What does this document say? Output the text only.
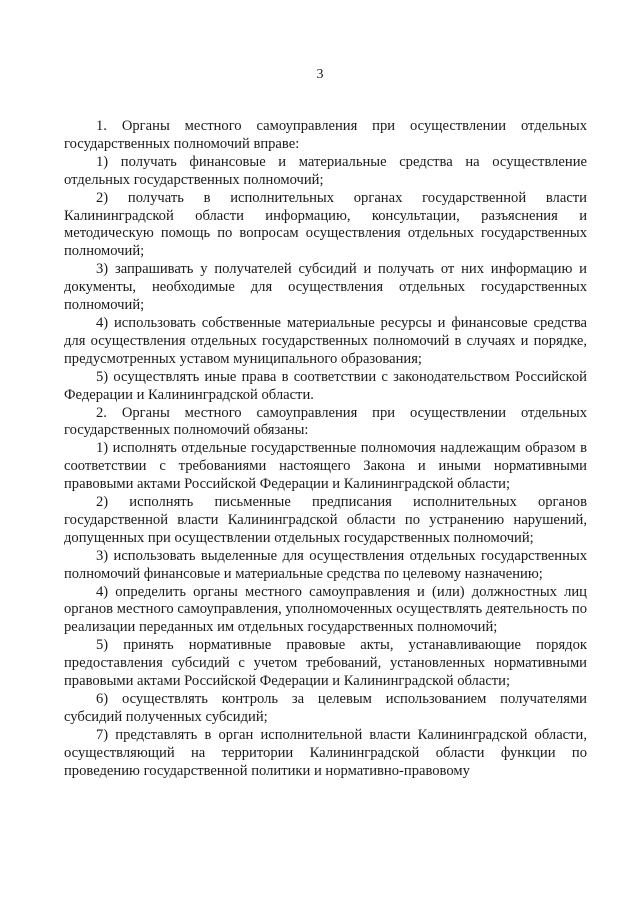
3

1. Органы местного самоуправления при осуществлении отдельных государственных полномочий вправе:

1) получать финансовые и материальные средства на осуществление отдельных государственных полномочий;

2) получать в исполнительных органах государственной власти Калининградской области информацию, консультации, разъяснения и методическую помощь по вопросам осуществления отдельных государственных полномочий;

3) запрашивать у получателей субсидий и получать от них информацию и документы, необходимые для осуществления отдельных государственных полномочий;

4) использовать собственные материальные ресурсы и финансовые средства для осуществления отдельных государственных полномочий в случаях и порядке, предусмотренных уставом муниципального образования;

5) осуществлять иные права в соответствии с законодательством Российской Федерации и Калининградской области.

2. Органы местного самоуправления при осуществлении отдельных государственных полномочий обязаны:

1) исполнять отдельные государственные полномочия надлежащим образом в соответствии с требованиями настоящего Закона и иными нормативными правовыми актами Российской Федерации и Калининградской области;

2) исполнять письменные предписания исполнительных органов государственной власти Калининградской области по устранению нарушений, допущенных при осуществлении отдельных государственных полномочий;

3) использовать выделенные для осуществления отдельных государственных полномочий финансовые и материальные средства по целевому назначению;

4) определить органы местного самоуправления и (или) должностных лиц органов местного самоуправления, уполномоченных осуществлять деятельность по реализации переданных им отдельных государственных полномочий;

5) принять нормативные правовые акты, устанавливающие порядок предоставления субсидий с учетом требований, установленных нормативными правовыми актами Российской Федерации и Калининградской области;

6) осуществлять контроль за целевым использованием получателями субсидий полученных субсидий;

7) представлять в орган исполнительной власти Калининградской области, осуществляющий на территории Калининградской области функции по проведению государственной политики и нормативно-правовому
